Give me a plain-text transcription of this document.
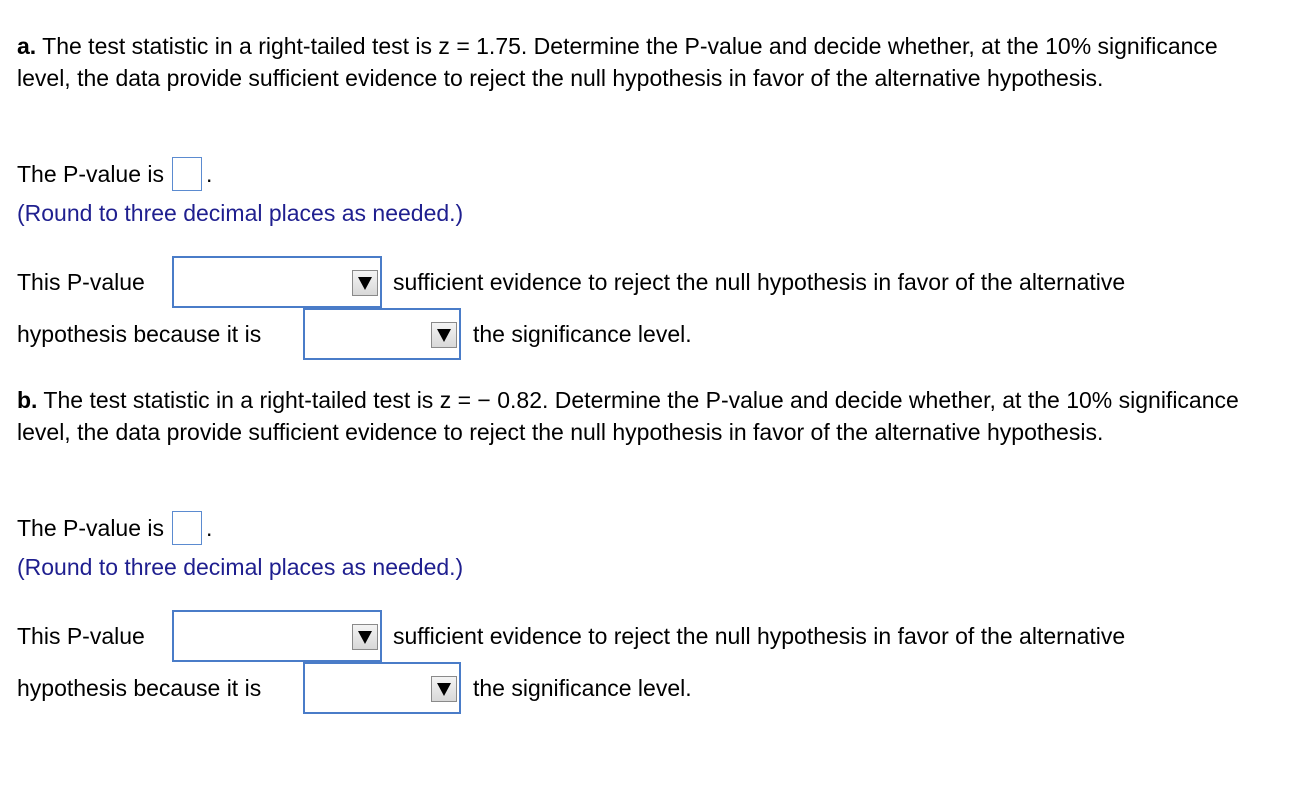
a. The test statistic in a right-tailed test is z = 1.75. Determine the P-value and decide whether, at the 10% significance level, the data provide sufficient evidence to reject the null hypothesis in favor of the alternative hypothesis.

The P-value is .
(Round to three decimal places as needed.)
This P-value	sufficient evidence to reject the null hypothesis in favor of the alternative
hypothesis because it is	the significance level.

b. The test statistic in a right-tailed test is z = − 0.82. Determine the P-value and decide whether, at the 10% significance level, the data provide sufficient evidence to reject the null hypothesis in favor of the alternative hypothesis.

The P-value is .
(Round to three decimal places as needed.)
This P-value	sufficient evidence to reject the null hypothesis in favor of the alternative
hypothesis because it is	the significance level.
